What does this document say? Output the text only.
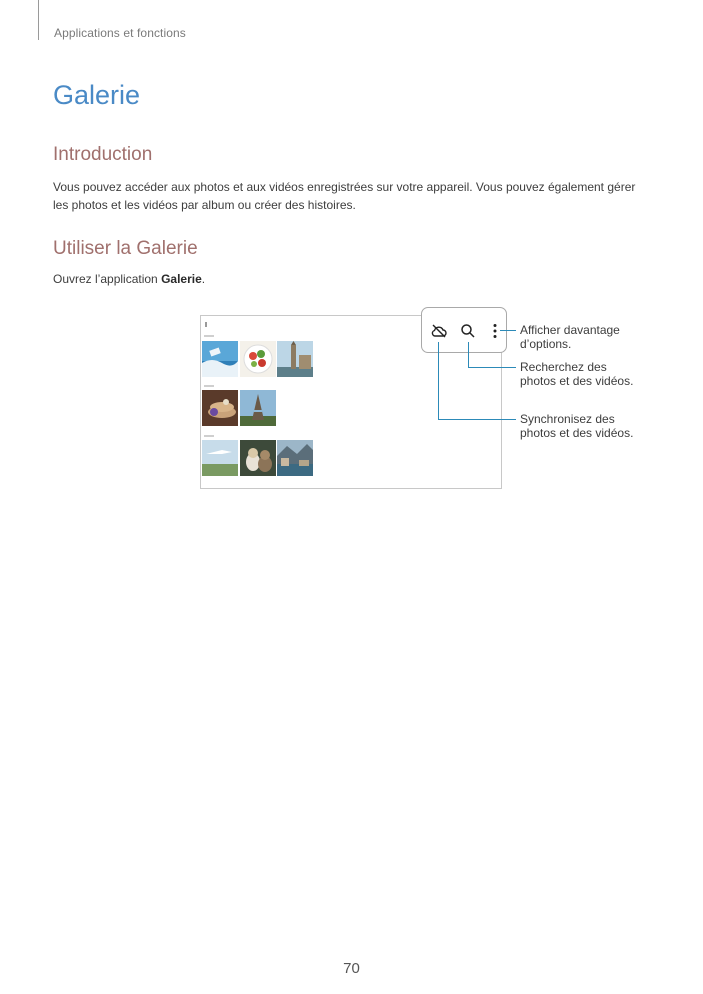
Applications et fonctions
Galerie
Introduction

Vous pouvez accéder aux photos et aux vidéos enregistrées sur votre appareil. Vous pouvez également gérer
les photos et les vidéos par album ou créer des histoires.

Utiliser la Galerie

Ouvrez l’application Galerie.

Afficher davantage
d’options.
Recherchez des
photos et des vidéos.
Synchronisez des
photos et des vidéos.
70
